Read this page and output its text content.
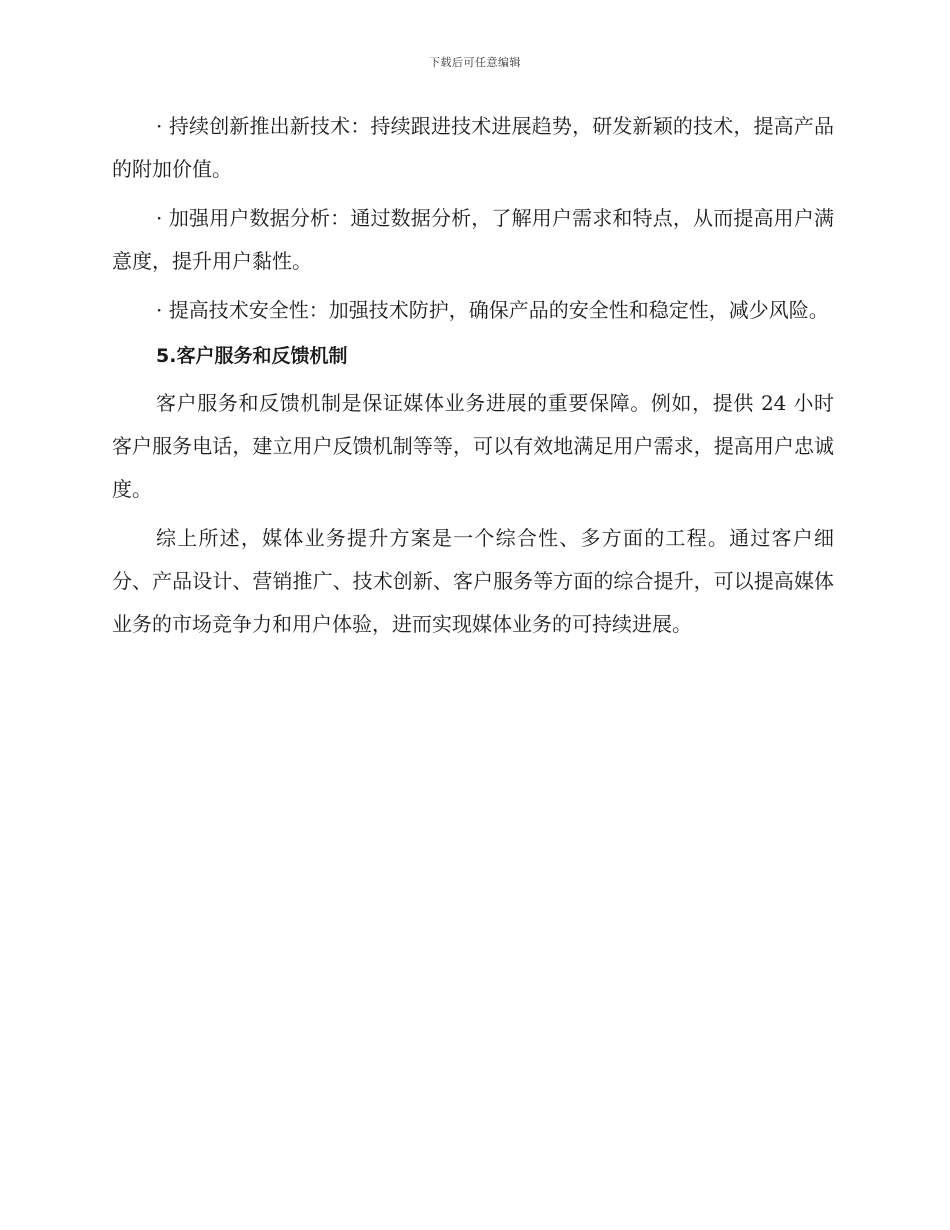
下载后可任意编辑

· 持续创新推出新技术：持续跟进技术进展趋势，研发新颖的技术，提高产品的附加价值。

· 加强用户数据分析：通过数据分析，了解用户需求和特点，从而提高用户满意度，提升用户黏性。

· 提高技术安全性：加强技术防护，确保产品的安全性和稳定性，减少风险。

5.客户服务和反馈机制

客户服务和反馈机制是保证媒体业务进展的重要保障。例如，提供 24 小时客户服务电话，建立用户反馈机制等等，可以有效地满足用户需求，提高用户忠诚度。

综上所述，媒体业务提升方案是一个综合性、多方面的工程。通过客户细分、产品设计、营销推广、技术创新、客户服务等方面的综合提升，可以提高媒体业务的市场竞争力和用户体验，进而实现媒体业务的可持续进展。
